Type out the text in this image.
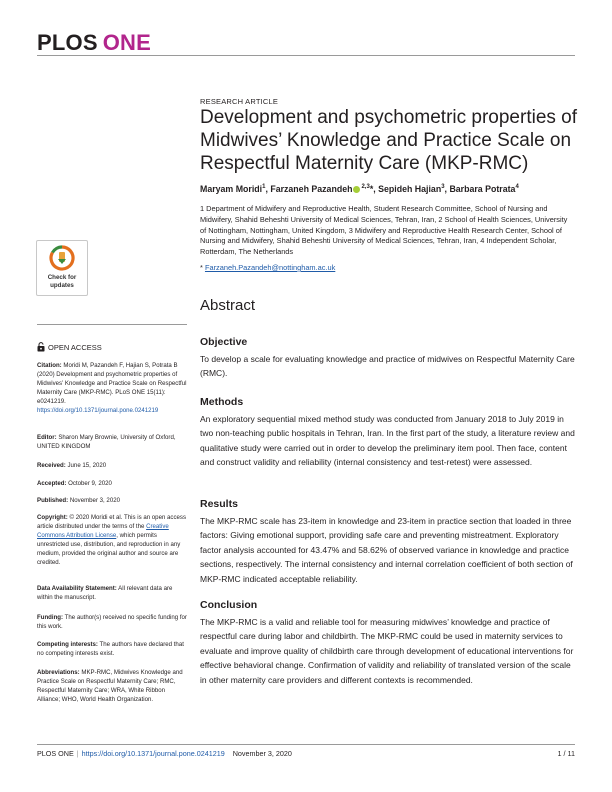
PLOS ONE
RESEARCH ARTICLE
Development and psychometric properties of Midwives’ Knowledge and Practice Scale on Respectful Maternity Care (MKP-RMC)
Maryam Moridi$^1$, Farzaneh Pazandeh $^{2,3}$*, Sepideh Hajian$^3$, Barbara Potrata$^4$
1 Department of Midwifery and Reproductive Health, Student Research Committee, School of Nursing and Midwifery, Shahid Beheshti University of Medical Sciences, Tehran, Iran, 2 School of Health Sciences, University of Nottingham, Nottingham, United Kingdom, 3 Midwifery and Reproductive Health Research Center, School of Nursing and Midwifery, Shahid Beheshti University of Medical Sciences, Tehran, Iran, 4 Independent Scholar, Rotterdam, The Netherlands
* Farzaneh.Pazandeh@nottingham.ac.uk
Abstract
Objective
To develop a scale for evaluating knowledge and practice of midwives on Respectful Maternity Care (RMC).
Methods
An exploratory sequential mixed method study was conducted from January 2018 to July 2019 in two non-teaching public hospitals in Tehran, Iran. In the first part of the study, a literature review and qualitative study were carried out in order to develop the preliminary item pool. Then face, content and construct validity and reliability (internal consistency and test-retest) were assessed.
Results
The MKP-RMC scale has 23-item in knowledge and 23-item in practice section that loaded in three factors: Giving emotional support, providing safe care and preventing mistreatment. Exploratory factor analysis accounted for 43.47% and 58.62% of observed variance in knowledge and practice sections, respectively. The internal consistency and internal correlation coefficient of both section of MKP-RMC indicated acceptable reliability.
Conclusion
The MKP-RMC is a valid and reliable tool for measuring midwives’ knowledge and practice of respectful care during labor and childbirth. The MKP-RMC could be used in maternity services to evaluate and improve quality of childbirth care through development of educational interventions for effective behavioral change. Confirmation of validity and reliability of translated version of the scale in other maternity care providers and different contexts is recommended.
Check for
updates
OPEN ACCESS
Citation: Moridi M, Pazandeh F, Hajian S, Potrata B (2020) Development and psychometric properties of Midwives’ Knowledge and Practice Scale on Respectful Maternity Care (MKP-RMC). PLoS ONE 15(11): e0241219. https://doi.org/10.1371/journal.pone.0241219
Editor: Sharon Mary Brownie, University of Oxford, UNITED KINGDOM
Received: June 15, 2020
Accepted: October 9, 2020
Published: November 3, 2020
Copyright: © 2020 Moridi et al. This is an open access article distributed under the terms of the Creative Commons Attribution License, which permits unrestricted use, distribution, and reproduction in any medium, provided the original author and source are credited.
Data Availability Statement: All relevant data are within the manuscript.
Funding: The author(s) received no specific funding for this work.
Competing interests: The authors have declared that no competing interests exist.
Abbreviations: MKP-RMC, Midwives Knowledge and Practice Scale on Respectful Maternity Care; RMC, Respectful Maternity Care; WRA, White Ribbon Alliance; WHO, World Health Organization.
PLOS ONE | https://doi.org/10.1371/journal.pone.0241219 November 3, 2020	1 / 11
